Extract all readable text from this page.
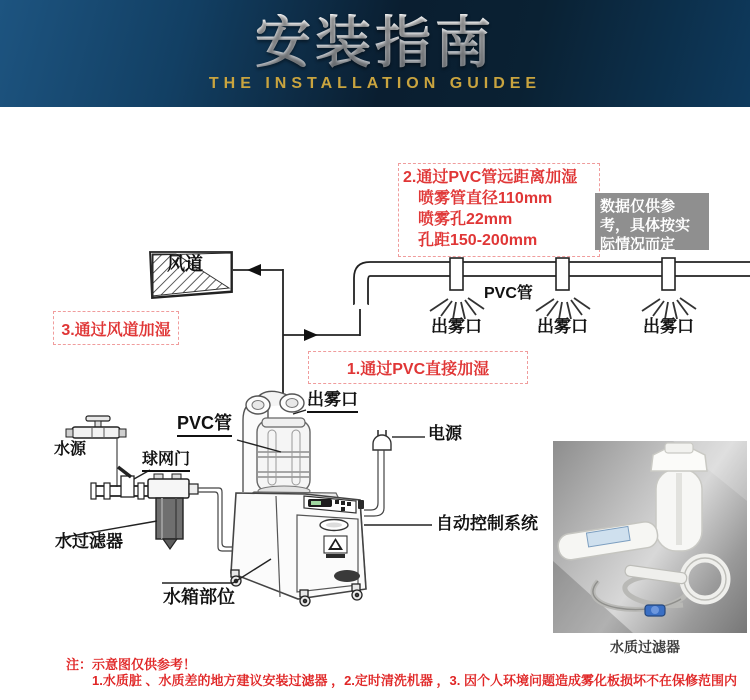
安装指南
THE INSTALLATION GUIDEE
2.通过PVC管远距离加湿
喷雾管直径110mm
喷雾孔22mm
孔距150-200mm
数据仅供参考，具体按实际情况而定
3.通过风道加湿
1.通过PVC直接加湿
风道
PVC管
出雾口	出雾口	出雾口
出雾口
PVC管
水源
球网门
水过滤器
水箱部位
电源
自动控制系统
水质过滤器
注：示意图仅供参考！
1.水质脏 、水质差的地方建议安装过滤器 ，2.定时清洗机器 ，3. 因个人环境问题造成雾化板损坏不在保修范围内
